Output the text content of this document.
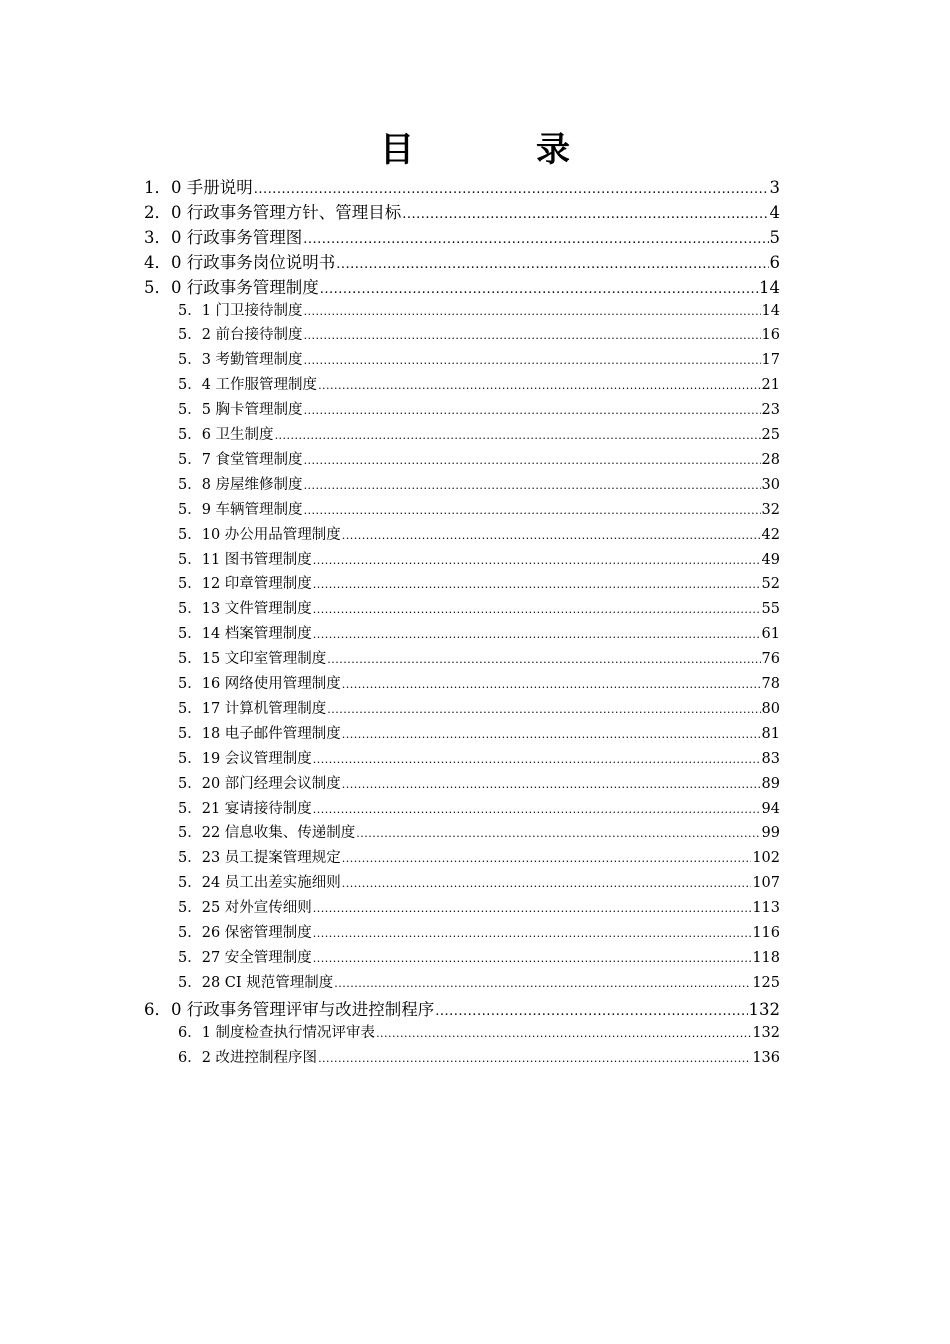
目　录
1．0 手册说明 .....	3
2．0 行政事务管理方针、管理目标 .....	4
3．0 行政事务管理图 .....	5
4．0 行政事务岗位说明书 .....	6
5．0 行政事务管理制度 .....	14
5．1 门卫接待制度 .....	14
5．2 前台接待制度 .....	16
5．3 考勤管理制度 .....	17
5．4 工作服管理制度 .....	21
5．5 胸卡管理制度 .....	23
5．6 卫生制度 .....	25
5．7 食堂管理制度 .....	28
5．8 房屋维修制度 .....	30
5．9 车辆管理制度 .....	32
5．10 办公用品管理制度 .....	42
5．11 图书管理制度 .....	49
5．12 印章管理制度 .....	52
5．13 文件管理制度 .....	55
5．14 档案管理制度 .....	61
5．15 文印室管理制度 .....	76
5．16 网络使用管理制度 .....	78
5．17 计算机管理制度 .....	80
5．18 电子邮件管理制度 .....	81
5．19 会议管理制度 .....	83
5．20 部门经理会议制度 .....	89
5．21 宴请接待制度 .....	94
5．22 信息收集、传递制度 .....	99
5．23 员工提案管理规定 .....	102
5．24 员工出差实施细则 .....	107
5．25 对外宣传细则 .....	113
5．26 保密管理制度 .....	116
5．27 安全管理制度 .....	118
5．28 CI 规范管理制度 .....	125
6．0 行政事务管理评审与改进控制程序 .....	132
6．1 制度检查执行情况评审表 .....	132
6．2 改进控制程序图 .....	136
